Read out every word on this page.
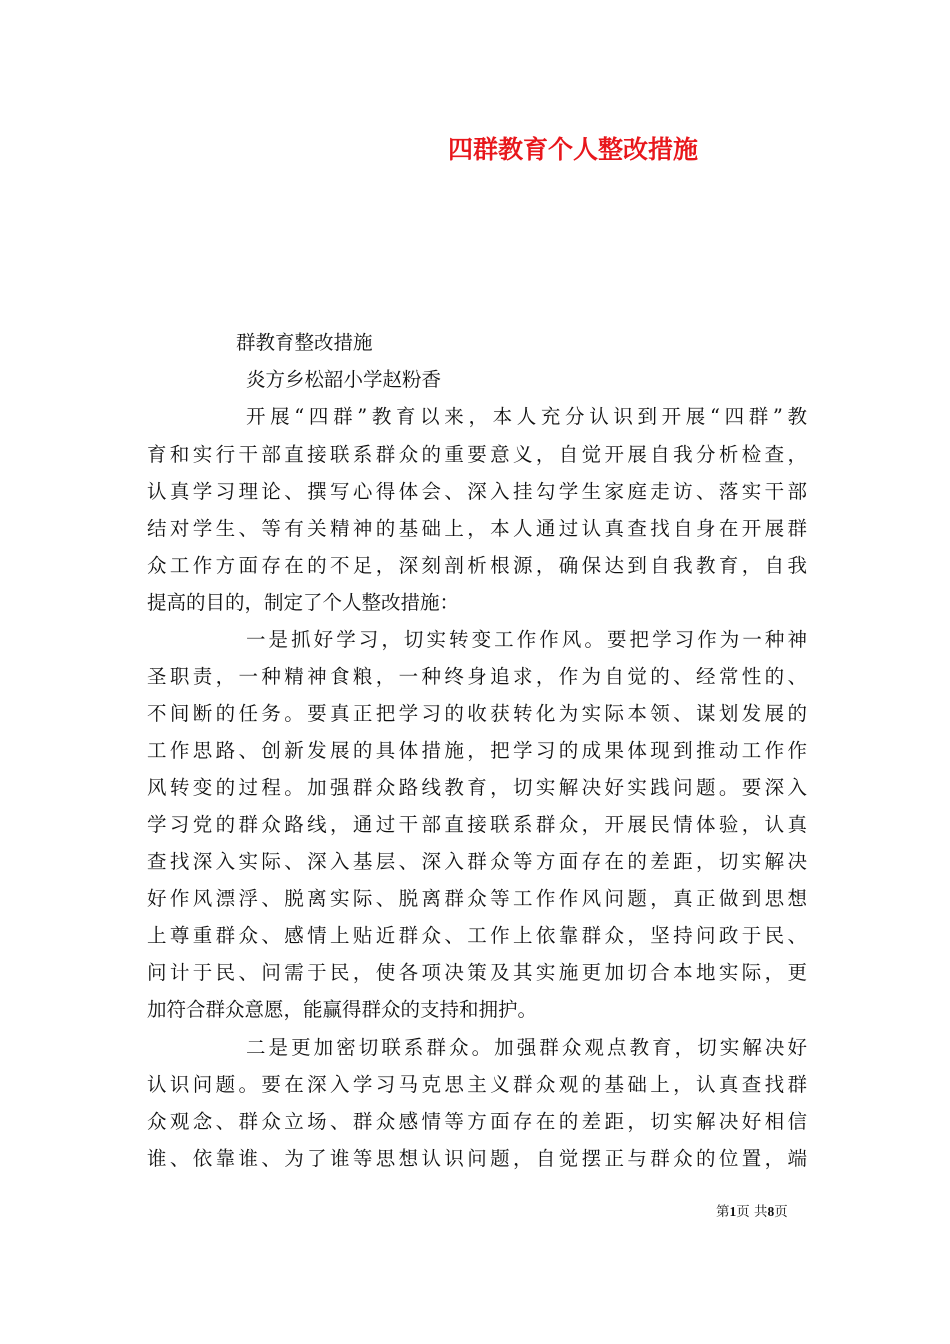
四群教育个人整改措施
群教育整改措施
炎方乡松韶小学赵粉香
开展“四群”教育以来，本人充分认识到开展“四群”教
育和实行干部直接联系群众的重要意义，自觉开展自我分析检查，
认真学习理论、撰写心得体会、深入挂勾学生家庭走访、落实干部
结对学生、等有关精神的基础上，本人通过认真查找自身在开展群
众工作方面存在的不足，深刻剖析根源，确保达到自我教育，自我
提高的目的，制定了个人整改措施：
一是抓好学习，切实转变工作作风。要把学习作为一种神
圣职责，一种精神食粮，一种终身追求，作为自觉的、经常性的、
不间断的任务。要真正把学习的收获转化为实际本领、谋划发展的
工作思路、创新发展的具体措施，把学习的成果体现到推动工作作
风转变的过程。加强群众路线教育，切实解决好实践问题。要深入
学习党的群众路线，通过干部直接联系群众，开展民情体验，认真
查找深入实际、深入基层、深入群众等方面存在的差距，切实解决
好作风漂浮、脱离实际、脱离群众等工作作风问题，真正做到思想
上尊重群众、感情上贴近群众、工作上依靠群众，坚持问政于民、
问计于民、问需于民，使各项决策及其实施更加切合本地实际，更
加符合群众意愿，能赢得群众的支持和拥护。
二是更加密切联系群众。加强群众观点教育，切实解决好
认识问题。要在深入学习马克思主义群众观的基础上，认真查找群
众观念、群众立场、群众感情等方面存在的差距，切实解决好相信
谁、依靠谁、为了谁等思想认识问题，自觉摆正与群众的位置，端
第1页 共8页
